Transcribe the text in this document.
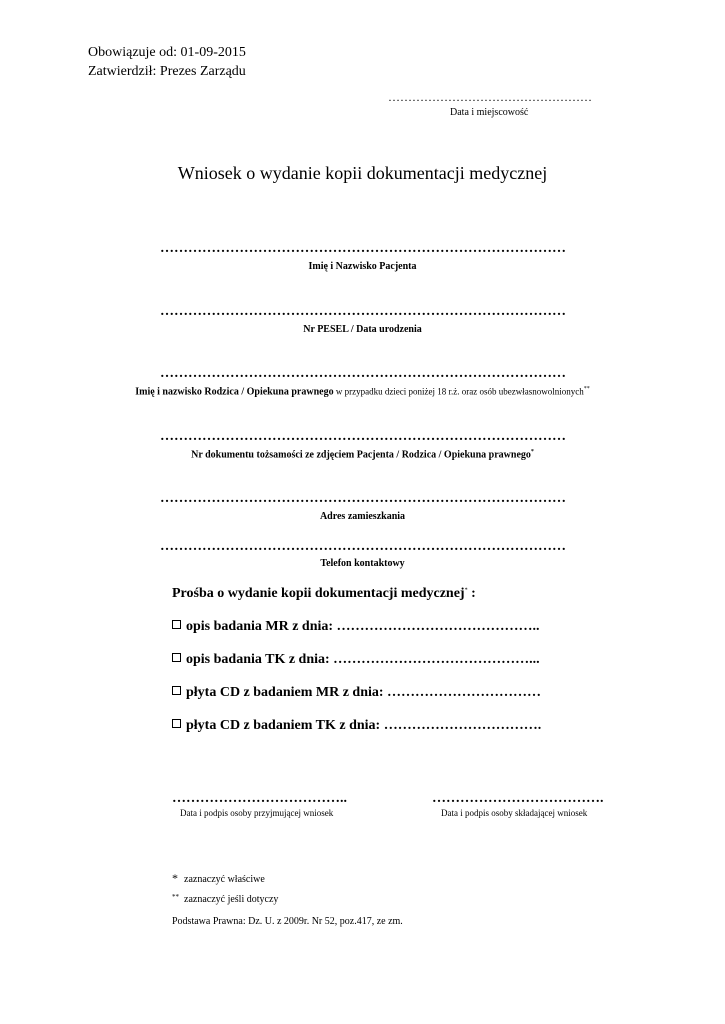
Obowiązuje od: 01-09-2015
Zatwierdził: Prezes Zarządu
……………………………………………
Data i miejscowość
Wniosek o wydanie kopii dokumentacji medycznej
……………………………………………………………………………
Imię i Nazwisko Pacjenta
……………………………………………………………………………
Nr PESEL / Data urodzenia
……………………………………………………………………………
Imię i nazwisko Rodzica / Opiekuna prawnego w przypadku dzieci poniżej 18 r.ż. oraz osób ubezwłasnowolnionych**
……………………………………………………………………………
Nr dokumentu tożsamości ze zdjęciem Pacjenta / Rodzica / Opiekuna prawnego*
……………………………………………………………………………
Adres zamieszkania
……………………………………………………………………………
Telefon kontaktowy
Prośba o wydanie kopii dokumentacji medycznej* :
opis badania MR z dnia: ……………………………………..
opis badania TK z dnia: ……………………………………...
płyta CD z badaniem MR z dnia: ……………………………
płyta CD z badaniem TK z dnia: …………………………….
………………………………..
Data i podpis osoby przyjmującej wniosek
……………………………….
Data i podpis osoby składającej wniosek
* zaznaczyć właściwe
** zaznaczyć jeśli dotyczy
Podstawa Prawna: Dz. U. z 2009r. Nr 52, poz.417, ze zm.
